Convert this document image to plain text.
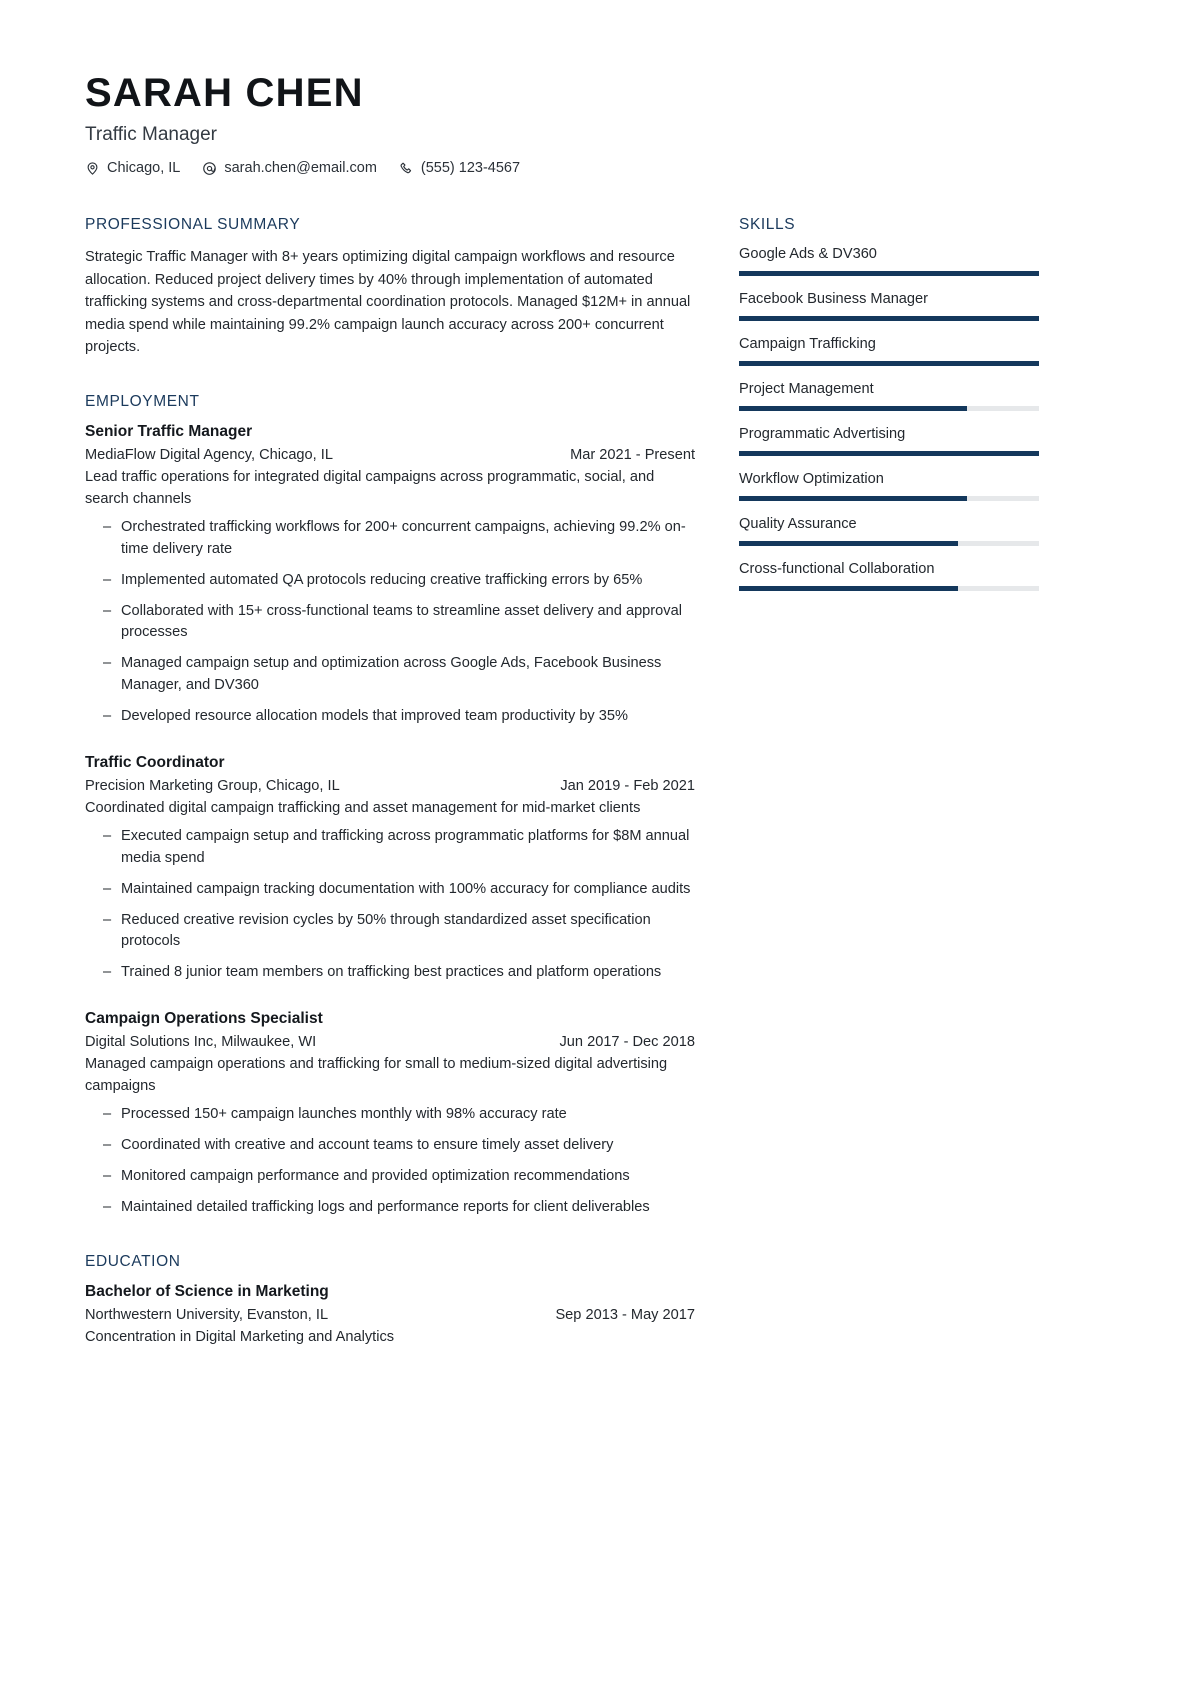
SARAH CHEN
Traffic Manager
Chicago, IL	sarah.chen@email.com	(555) 123-4567
PROFESSIONAL SUMMARY
Strategic Traffic Manager with 8+ years optimizing digital campaign workflows and resource allocation. Reduced project delivery times by 40% through implementation of automated trafficking systems and cross-departmental coordination protocols. Managed $12M+ in annual media spend while maintaining 99.2% campaign launch accuracy across 200+ concurrent projects.
EMPLOYMENT
Senior Traffic Manager
MediaFlow Digital Agency, Chicago, IL	Mar 2021 - Present
Lead traffic operations for integrated digital campaigns across programmatic, social, and search channels
– Orchestrated trafficking workflows for 200+ concurrent campaigns, achieving 99.2% on-time delivery rate
– Implemented automated QA protocols reducing creative trafficking errors by 65%
– Collaborated with 15+ cross-functional teams to streamline asset delivery and approval processes
– Managed campaign setup and optimization across Google Ads, Facebook Business Manager, and DV360
– Developed resource allocation models that improved team productivity by 35%
Traffic Coordinator
Precision Marketing Group, Chicago, IL	Jan 2019 - Feb 2021
Coordinated digital campaign trafficking and asset management for mid-market clients
– Executed campaign setup and trafficking across programmatic platforms for $8M annual media spend
– Maintained campaign tracking documentation with 100% accuracy for compliance audits
– Reduced creative revision cycles by 50% through standardized asset specification protocols
– Trained 8 junior team members on trafficking best practices and platform operations
Campaign Operations Specialist
Digital Solutions Inc, Milwaukee, WI	Jun 2017 - Dec 2018
Managed campaign operations and trafficking for small to medium-sized digital advertising campaigns
– Processed 150+ campaign launches monthly with 98% accuracy rate
– Coordinated with creative and account teams to ensure timely asset delivery
– Monitored campaign performance and provided optimization recommendations
– Maintained detailed trafficking logs and performance reports for client deliverables
EDUCATION
Bachelor of Science in Marketing
Northwestern University, Evanston, IL	Sep 2013 - May 2017
Concentration in Digital Marketing and Analytics
SKILLS
Google Ads & DV360
Facebook Business Manager
Campaign Trafficking
Project Management
Programmatic Advertising
Workflow Optimization
Quality Assurance
Cross-functional Collaboration
